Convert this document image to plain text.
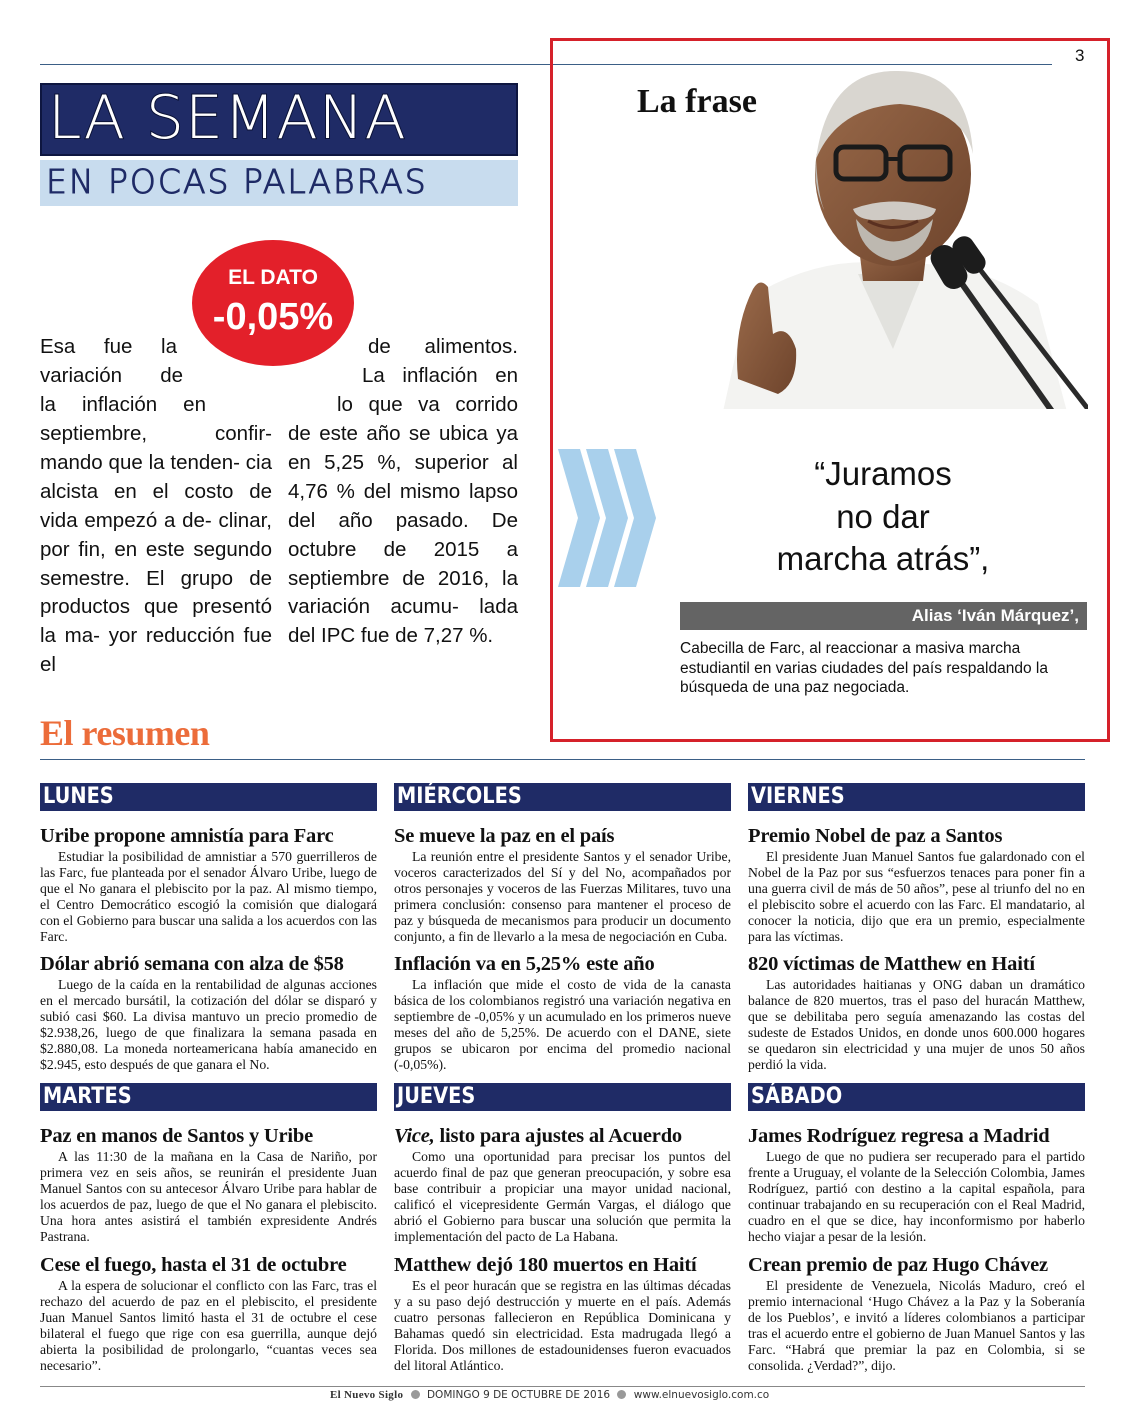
3
LA SEMANA
EN POCAS PALABRAS
EL DATO
-0,05%
Esa fue la
variación de
la inflación en
de alimentos.
La inflación en
lo que va corrido
septiembre, confir- mando que la tenden- cia alcista en el costo de vida empezó a de- clinar, por fin, en este segundo semestre. El grupo de productos que presentó la ma- yor reducción fue el
de este año se ubica ya en 5,25 %, superior al 4,76 % del mismo lapso del año pasado. De octubre de 2015 a septiembre de 2016, la variación acumu- lada del IPC fue de 7,27 %.
La frase
“Juramos
no dar
marcha atrás”,
Alias ‘Iván Márquez’,
Cabecilla de Farc, al reaccionar a masiva marcha estudiantil en varias ciudades del país respaldando la búsqueda de una paz negociada.
El resumen
LUNES	MIÉRCOLES	VIERNES
MARTES	JUEVES	SÁBADO
Uribe propone amnistía para Farc
Estudiar la posibilidad de amnistiar a 570 guerrilleros de las Farc, fue planteada por el senador Álvaro Uribe, luego de que el No ganara el plebiscito por la paz. Al mismo tiempo, el Centro Democrático escogió la comisión que dialogará con el Gobierno para buscar una salida a los acuerdos con las Farc.
Dólar abrió semana con alza de $58
Luego de la caída en la rentabilidad de algunas acciones en el mercado bursátil, la cotización del dólar se disparó y subió casi $60. La divisa mantuvo un precio promedio de $2.938,26, luego de que finalizara la semana pasada en $2.880,08. La moneda norteamericana había amanecido en $2.945, esto después de que ganara el No.
Paz en manos de Santos y Uribe
A las 11:30 de la mañana en la Casa de Nariño, por primera vez en seis años, se reunirán el presidente Juan Manuel Santos con su antecesor Álvaro Uribe para hablar de los acuerdos de paz, luego de que el No ganara el plebiscito. Una hora antes asistirá el también expresidente Andrés Pastrana.
Cese el fuego, hasta el 31 de octubre
A la espera de solucionar el conflicto con las Farc, tras el rechazo del acuerdo de paz en el plebiscito, el presidente Juan Manuel Santos limitó hasta el 31 de octubre el cese bilateral el fuego que rige con esa guerrilla, aunque dejó abierta la posibilidad de prolongarlo, “cuantas veces sea necesario”.
Se mueve la paz en el país
La reunión entre el presidente Santos y el senador Uribe, voceros caracterizados del Sí y del No, acompañados por otros personajes y voceros de las Fuerzas Militares, tuvo una primera conclusión: consenso para mantener el proceso de paz y búsqueda de mecanismos para producir un documento conjunto, a fin de llevarlo a la mesa de negociación en Cuba.
Inflación va en 5,25% este año
La inflación que mide el costo de vida de la canasta básica de los colombianos registró una variación negativa en septiembre de -0,05% y un acumulado en los primeros nueve meses del año de 5,25%. De acuerdo con el DANE, siete grupos se ubicaron por encima del promedio nacional (-0,05%).
Vice, listo para ajustes al Acuerdo
Como una oportunidad para precisar los puntos del acuerdo final de paz que generan preocupación, y sobre esa base contribuir a propiciar una mayor unidad nacional, calificó el vicepresidente Germán Vargas, el diálogo que abrió el Gobierno para buscar una solución que permita la implementación del pacto de La Habana.
Matthew dejó 180 muertos en Haití
Es el peor huracán que se registra en las últimas décadas y a su paso dejó destrucción y muerte en el país. Además cuatro personas fallecieron en República Dominicana y Bahamas quedó sin electricidad. Esta madrugada llegó a Florida. Dos millones de estadounidenses fueron evacuados del litoral Atlántico.
Premio Nobel de paz a Santos
El presidente Juan Manuel Santos fue galardonado con el Nobel de la Paz por sus “esfuerzos tenaces para poner fin a una guerra civil de más de 50 años”, pese al triunfo del no en el plebiscito sobre el acuerdo con las Farc. El mandatario, al conocer la noticia, dijo que era un premio, especialmente para las víctimas.
820 víctimas de Matthew en Haití
Las autoridades haitianas y ONG daban un dramático balance de 820 muertos, tras el paso del huracán Matthew, que se debilitaba pero seguía amenazando las costas del sudeste de Estados Unidos, en donde unos 600.000 hogares se quedaron sin electricidad y una mujer de unos 50 años perdió la vida.
James Rodríguez regresa a Madrid
Luego de que no pudiera ser recuperado para el partido frente a Uruguay, el volante de la Selección Colombia, James Rodríguez, partió con destino a la capital española, para continuar trabajando en su recuperación con el Real Madrid, cuadro en el que se dice, hay inconformismo por haberlo hecho viajar a pesar de la lesión.
Crean premio de paz Hugo Chávez
El presidente de Venezuela, Nicolás Maduro, creó el premio internacional ‘Hugo Chávez a la Paz y la Soberanía de los Pueblos’, e invitó a líderes colombianos a participar tras el acuerdo entre el gobierno de Juan Manuel Santos y las Farc. “Habrá que premiar la paz en Colombia, si se consolida. ¿Verdad?”, dijo.
El Nuevo Siglo DOMINGO 9 DE OCTUBRE DE 2016 www.elnuevosiglo.com.co
